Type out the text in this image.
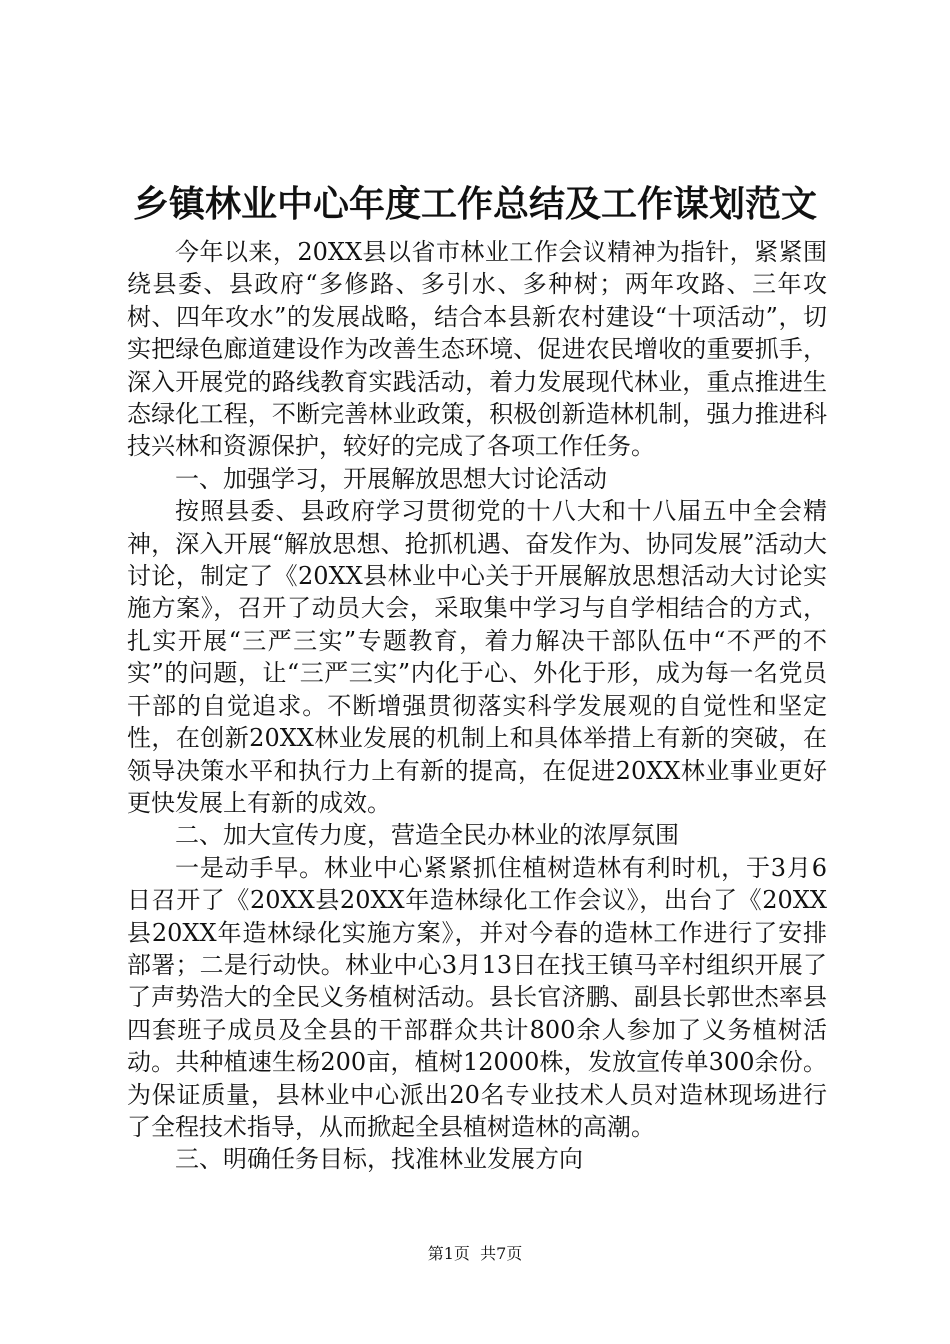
乡镇林业中心年度工作总结及工作谋划范文

今年以来，20XX县以省市林业工作会议精神为指针，紧紧围绕县委、县政府“多修路、多引水、多种树；两年攻路、三年攻树、四年攻水”的发展战略，结合本县新农村建设“十项活动”，切实把绿色廊道建设作为改善生态环境、促进农民增收的重要抓手，深入开展党的路线教育实践活动，着力发展现代林业，重点推进生态绿化工程，不断完善林业政策，积极创新造林机制，强力推进科技兴林和资源保护，较好的完成了各项工作任务。

一、加强学习，开展解放思想大讨论活动

按照县委、县政府学习贯彻党的十八大和十八届五中全会精神，深入开展“解放思想、抢抓机遇、奋发作为、协同发展”活动大讨论，制定了《20XX县林业中心关于开展解放思想活动大讨论实施方案》，召开了动员大会，采取集中学习与自学相结合的方式，扎实开展“三严三实”专题教育，着力解决干部队伍中“不严的不实”的问题，让“三严三实”内化于心、外化于形，成为每一名党员干部的自觉追求。不断增强贯彻落实科学发展观的自觉性和坚定性，在创新20XX林业发展的机制上和具体举措上有新的突破，在领导决策水平和执行力上有新的提高，在促进20XX林业事业更好更快发展上有新的成效。

二、加大宣传力度，营造全民办林业的浓厚氛围

一是动手早。林业中心紧紧抓住植树造林有利时机，于3月6日召开了《20XX县20XX年造林绿化工作会议》，出台了《20XX县20XX年造林绿化实施方案》，并对今春的造林工作进行了安排部署；二是行动快。林业中心3月13日在找王镇马辛村组织开展了了声势浩大的全民义务植树活动。县长官济鹏、副县长郭世杰率县四套班子成员及全县的干部群众共计800余人参加了义务植树活动。共种植速生杨200亩，植树12000株，发放宣传单300余份。为保证质量，县林业中心派出20名专业技术人员对造林现场进行了全程技术指导，从而掀起全县植树造林的高潮。

三、明确任务目标，找准林业发展方向

第1页 共7页
